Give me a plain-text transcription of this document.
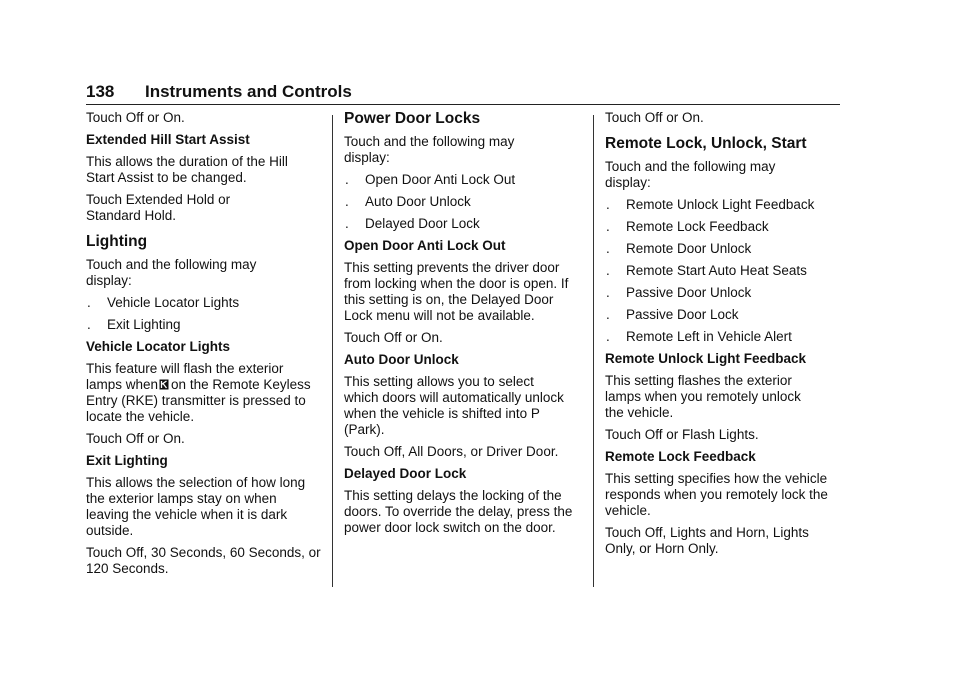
138 Instruments and Controls

Touch Off or On.

Extended Hill Start Assist

This allows the duration of the Hill Start Assist to be changed.

Touch Extended Hold or Standard Hold.

Lighting

Touch and the following may display:

.	Vehicle Locator Lights
.	Exit Lighting

Vehicle Locator Lights

This feature will flash the exterior lamps when on the Remote Keyless Entry (RKE) transmitter is pressed to locate the vehicle.

Touch Off or On.

Exit Lighting

This allows the selection of how long the exterior lamps stay on when leaving the vehicle when it is dark outside.

Touch Off, 30 Seconds, 60 Seconds, or 120 Seconds.

Power Door Locks

Touch and the following may display:

.	Open Door Anti Lock Out
.	Auto Door Unlock
.	Delayed Door Lock

Open Door Anti Lock Out

This setting prevents the driver door from locking when the door is open. If this setting is on, the Delayed Door Lock menu will not be available.

Touch Off or On.

Auto Door Unlock

This setting allows you to select which doors will automatically unlock when the vehicle is shifted into P (Park).

Touch Off, All Doors, or Driver Door.

Delayed Door Lock

This setting delays the locking of the doors. To override the delay, press the power door lock switch on the door.

Touch Off or On.

Remote Lock, Unlock, Start

Touch and the following may display:

.	Remote Unlock Light Feedback
.	Remote Lock Feedback
.	Remote Door Unlock
.	Remote Start Auto Heat Seats
.	Passive Door Unlock
.	Passive Door Lock
.	Remote Left in Vehicle Alert

Remote Unlock Light Feedback

This setting flashes the exterior lamps when you remotely unlock the vehicle.

Touch Off or Flash Lights.

Remote Lock Feedback

This setting specifies how the vehicle responds when you remotely lock the vehicle.

Touch Off, Lights and Horn, Lights Only, or Horn Only.
